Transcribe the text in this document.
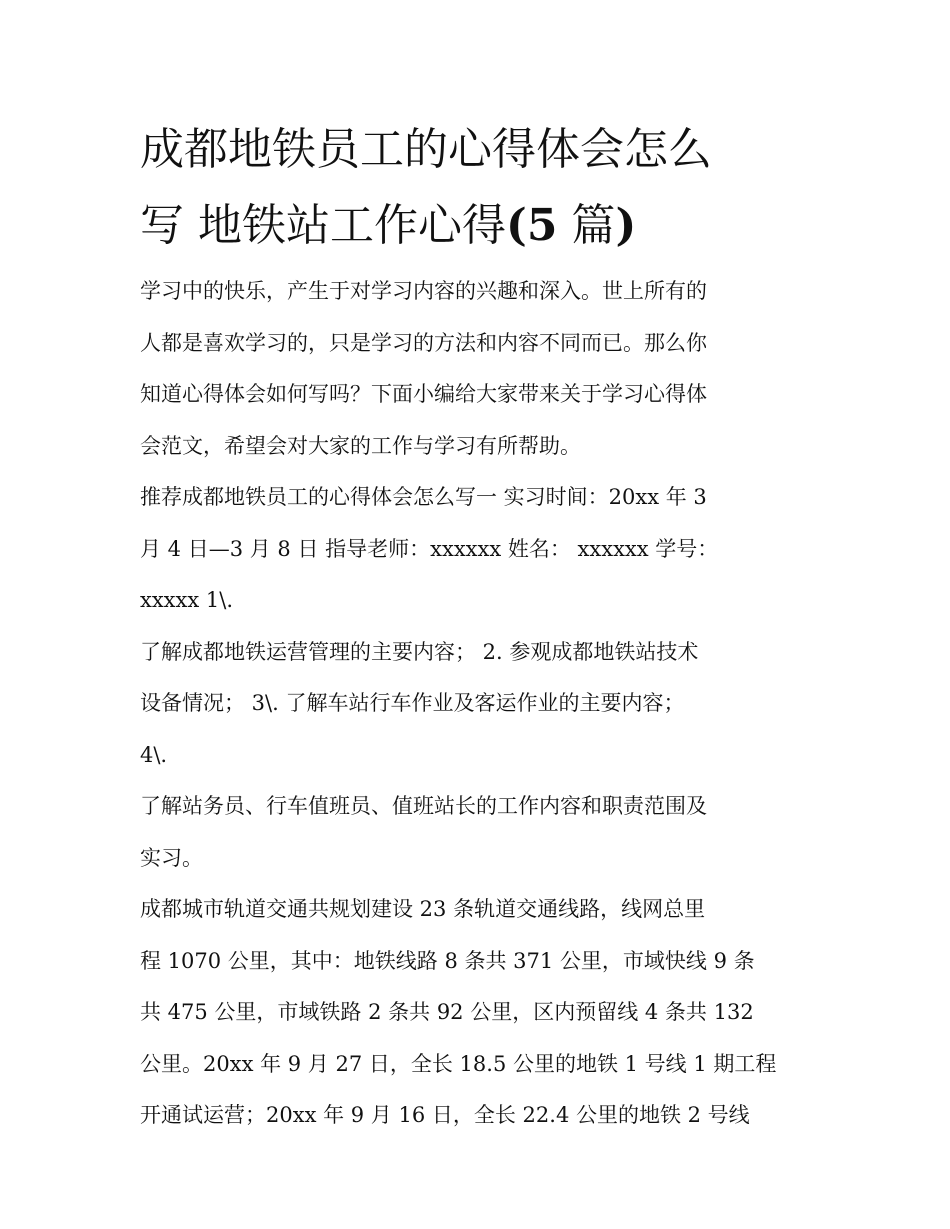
成都地铁员工的心得体会怎么
写 地铁站工作心得(5 篇)

学习中的快乐，产生于对学习内容的兴趣和深入。世上所有的

人都是喜欢学习的，只是学习的方法和内容不同而已。那么你

知道心得体会如何写吗？下面小编给大家带来关于学习心得体

会范文，希望会对大家的工作与学习有所帮助。

推荐成都地铁员工的心得体会怎么写一 实习时间：20xx 年 3

月 4 日—3 月 8 日 指导老师：xxxxxx 姓名： xxxxxx 学号：

xxxxx 1\.

了解成都地铁运营管理的主要内容； 2. 参观成都地铁站技术

设备情况； 3\. 了解车站行车作业及客运作业的主要内容；

4\.

了解站务员、行车值班员、值班站长的工作内容和职责范围及

实习。

成都城市轨道交通共规划建设 23 条轨道交通线路，线网总里

程 1070 公里，其中：地铁线路 8 条共 371 公里，市域快线 9 条

共 475 公里，市域铁路 2 条共 92 公里，区内预留线 4 条共 132

公里。20xx 年 9 月 27 日，全长 18.5 公里的地铁 1 号线 1 期工程

开通试运营；20xx 年 9 月 16 日，全长 22.4 公里的地铁 2 号线
